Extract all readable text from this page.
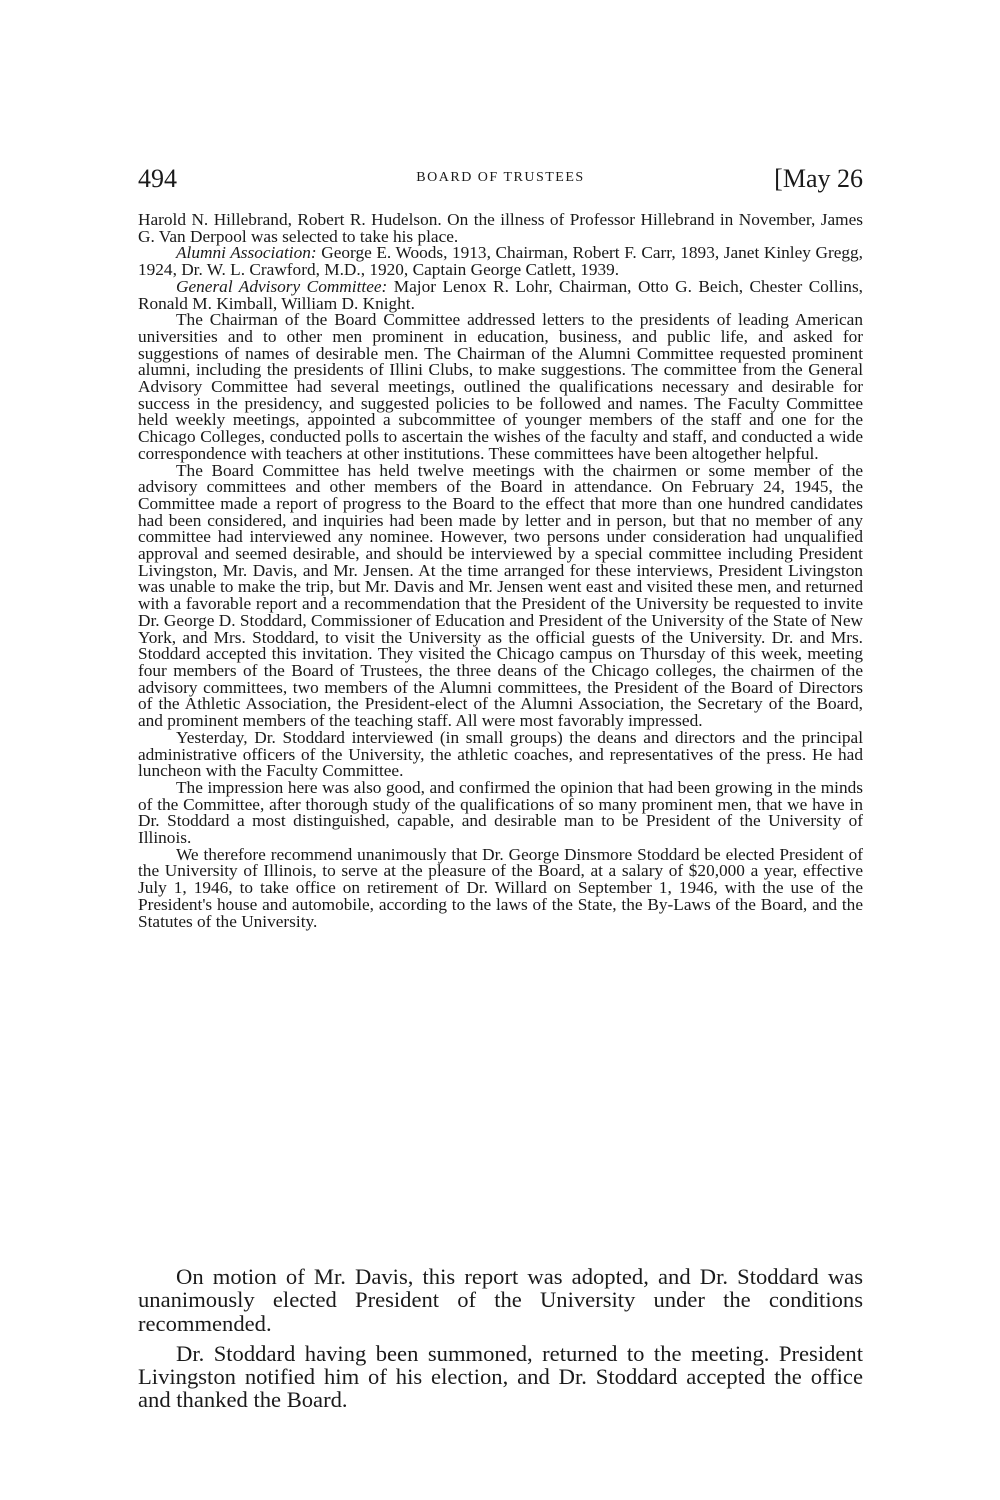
494	BOARD OF TRUSTEES	[May 26

Harold N. Hillebrand, Robert R. Hudelson. On the illness of Professor Hillebrand in November, James G. Van Derpool was selected to take his place.

Alumni Association: George E. Woods, 1913, Chairman, Robert F. Carr, 1893, Janet Kinley Gregg, 1924, Dr. W. L. Crawford, M.D., 1920, Captain George Catlett, 1939.

General Advisory Committee: Major Lenox R. Lohr, Chairman, Otto G. Beich, Chester Collins, Ronald M. Kimball, William D. Knight.

The Chairman of the Board Committee addressed letters to the presidents of leading American universities and to other men prominent in education, business, and public life, and asked for suggestions of names of desirable men. The Chairman of the Alumni Committee requested prominent alumni, including the presidents of Illini Clubs, to make suggestions. The committee from the General Advisory Committee had several meetings, outlined the qualifications necessary and desirable for success in the presidency, and suggested policies to be followed and names. The Faculty Committee held weekly meetings, appointed a subcommittee of younger members of the staff and one for the Chicago Colleges, conducted polls to ascertain the wishes of the faculty and staff, and conducted a wide correspondence with teachers at other institutions. These committees have been altogether helpful.

The Board Committee has held twelve meetings with the chairmen or some member of the advisory committees and other members of the Board in attendance. On February 24, 1945, the Committee made a report of progress to the Board to the effect that more than one hundred candidates had been considered, and inquiries had been made by letter and in person, but that no member of any committee had interviewed any nominee. However, two persons under consideration had unqualified approval and seemed desirable, and should be interviewed by a special committee including President Livingston, Mr. Davis, and Mr. Jensen. At the time arranged for these interviews, President Livingston was unable to make the trip, but Mr. Davis and Mr. Jensen went east and visited these men, and returned with a favorable report and a recommendation that the President of the University be requested to invite Dr. George D. Stoddard, Commissioner of Education and President of the University of the State of New York, and Mrs. Stoddard, to visit the University as the official guests of the University. Dr. and Mrs. Stoddard accepted this invitation. They visited the Chicago campus on Thursday of this week, meeting four members of the Board of Trustees, the three deans of the Chicago colleges, the chairmen of the advisory committees, two members of the Alumni committees, the President of the Board of Directors of the Athletic Association, the President-elect of the Alumni Association, the Secretary of the Board, and prominent members of the teaching staff. All were most favorably impressed.

Yesterday, Dr. Stoddard interviewed (in small groups) the deans and directors and the principal administrative officers of the University, the athletic coaches, and representatives of the press. He had luncheon with the Faculty Committee.

The impression here was also good, and confirmed the opinion that had been growing in the minds of the Committee, after thorough study of the qualifications of so many prominent men, that we have in Dr. Stoddard a most distinguished, capable, and desirable man to be President of the University of Illinois.

We therefore recommend unanimously that Dr. George Dinsmore Stoddard be elected President of the University of Illinois, to serve at the pleasure of the Board, at a salary of $20,000 a year, effective July 1, 1946, to take office on retirement of Dr. Willard on September 1, 1946, with the use of the President's house and automobile, according to the laws of the State, the By-Laws of the Board, and the Statutes of the University.

On motion of Mr. Davis, this report was adopted, and Dr. Stoddard was unanimously elected President of the University under the conditions recommended.

Dr. Stoddard having been summoned, returned to the meeting. President Livingston notified him of his election, and Dr. Stoddard accepted the office and thanked the Board.
